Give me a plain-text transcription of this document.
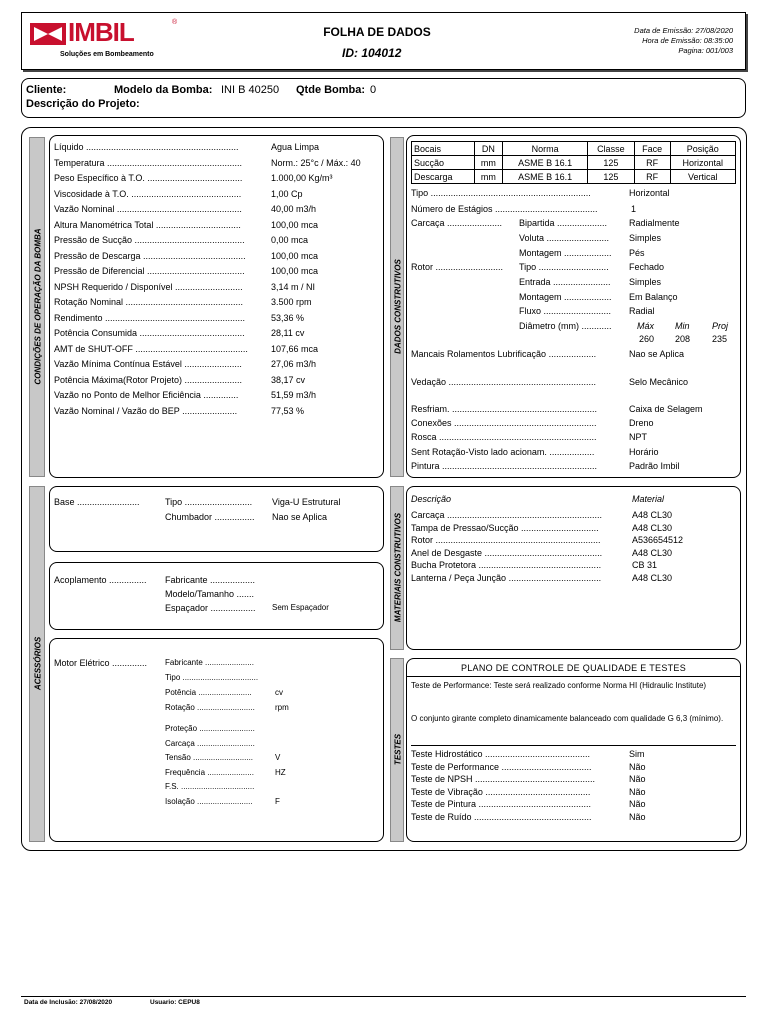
IMBIL	®
Soluções em Bombeamento
FOLHA DE DADOS
ID: 104012
Data de Emissão: 27/08/2020
Hora de Emissão: 08:35:00
Pagina: 001/003
Cliente:	Modelo da Bomba: INI B 40250 Qtde Bomba: 0
Descrição do Projeto:
CONDIÇÕES DE OPERAÇÃO DA BOMBA
ACESSÓRIOS
DADOS CONSTRUTIVOS
MATERIAIS CONSTRUTIVOS
TESTES
Líquido .............................................................	Agua Limpa
Temperatura ......................................................	Norm.: 25°c / Máx.: 40
Peso Específico à T.O. ......................................	1.000,00 Kg/m³
Viscosidade à T.O. ............................................	1,00 Cp
Vazão Nominal ..................................................	40,00 m3/h
Altura Manométrica Total ..................................	100,00 mca
Pressão de Sucção ............................................	0,00 mca
Pressão de Descarga .........................................	100,00 mca
Pressão de Diferencial .......................................	100,00 mca
NPSH Requerido / Disponível ...........................	3,14 m / NI
Rotação Nominal ...............................................	3.500 rpm
Rendimento ........................................................	53,36 %
Potência Consumida ..........................................	28,11 cv
AMT de SHUT-OFF .............................................	107,66 mca
Vazão Mínima Contínua Estável .......................	27,06 m3/h
Potência Máxima(Rotor Projeto) .......................	38,17 cv
Vazão no Ponto de Melhor Eficiência ..............	51,59 m3/h
Vazão Nominal / Vazão do BEP ......................	77,53 %
Bocais	DN	Norma	Classe	Face	Posição
Sucção	mm	ASME B 16.1	125	RF	Horizontal
Descarga	mm	ASME B 16.1	125	RF	Vertical
Tipo ................................................................	Horizontal
Número de Estágios .........................................	1
Carcaça ...................... Bipartida .................... Radialmente
Voluta ......................... Simples
Montagem ................... Pés
Rotor ........................... Tipo ............................ Fechado
Entrada ....................... Simples
Montagem ................... Em Balanço
Fluxo ........................... Radial
Diâmetro (mm) ............	Máx Min Proj
260 208 235
Mancais Rolamentos Lubrificação ...................	Nao se Aplica
Vedação ...........................................................	Selo Mecânico
Resfriam. ..........................................................	Caixa de Selagem
Conexões .........................................................	Dreno
Rosca ...............................................................	NPT
Sent Rotação-Visto lado acionam. ..................	Horário
Pintura ..............................................................	Padrão Imbil
Base .........................	Tipo ........................... Viga-U Estrutural
Chumbador ................ Nao se Aplica
Acoplamento ............... Fabricante ..................
Modelo/Tamanho .......
Espaçador .................. Sem Espaçador
Motor Elétrico .............. Fabricante ......................
Tipo ..................................
Potência ........................	cv
Rotação ..........................	rpm
Proteção .........................
Carcaça ..........................
Tensão ...........................	V
Frequência .....................	HZ
F.S. .................................
Isolação .........................	F
Descrição	Material
Carcaça ..............................................................	A48 CL30
Tampa de Pressao/Sucção ...............................	A48 CL30
Rotor ..................................................................	A536654512
Anel de Desgaste ...............................................	A48 CL30
Bucha Protetora .................................................	CB 31
Lanterna / Peça Junção .....................................	A48 CL30
PLANO DE CONTROLE DE QUALIDADE E TESTES
Teste de Performance: Teste será realizado conforme Norma HI (Hidraulic Institute)
O conjunto girante completo dinamicamente balanceado com qualidade G 6,3 (mínimo).
Teste Hidrostático ..........................................	Sim
Teste de Performance ....................................	Não
Teste de NPSH ................................................	Não
Teste de Vibração ..........................................	Não
Teste de Pintura .............................................	Não
Teste de Ruído ...............................................	Não
Data de Inclusão: 27/08/2020	Usuario: CEPU8
